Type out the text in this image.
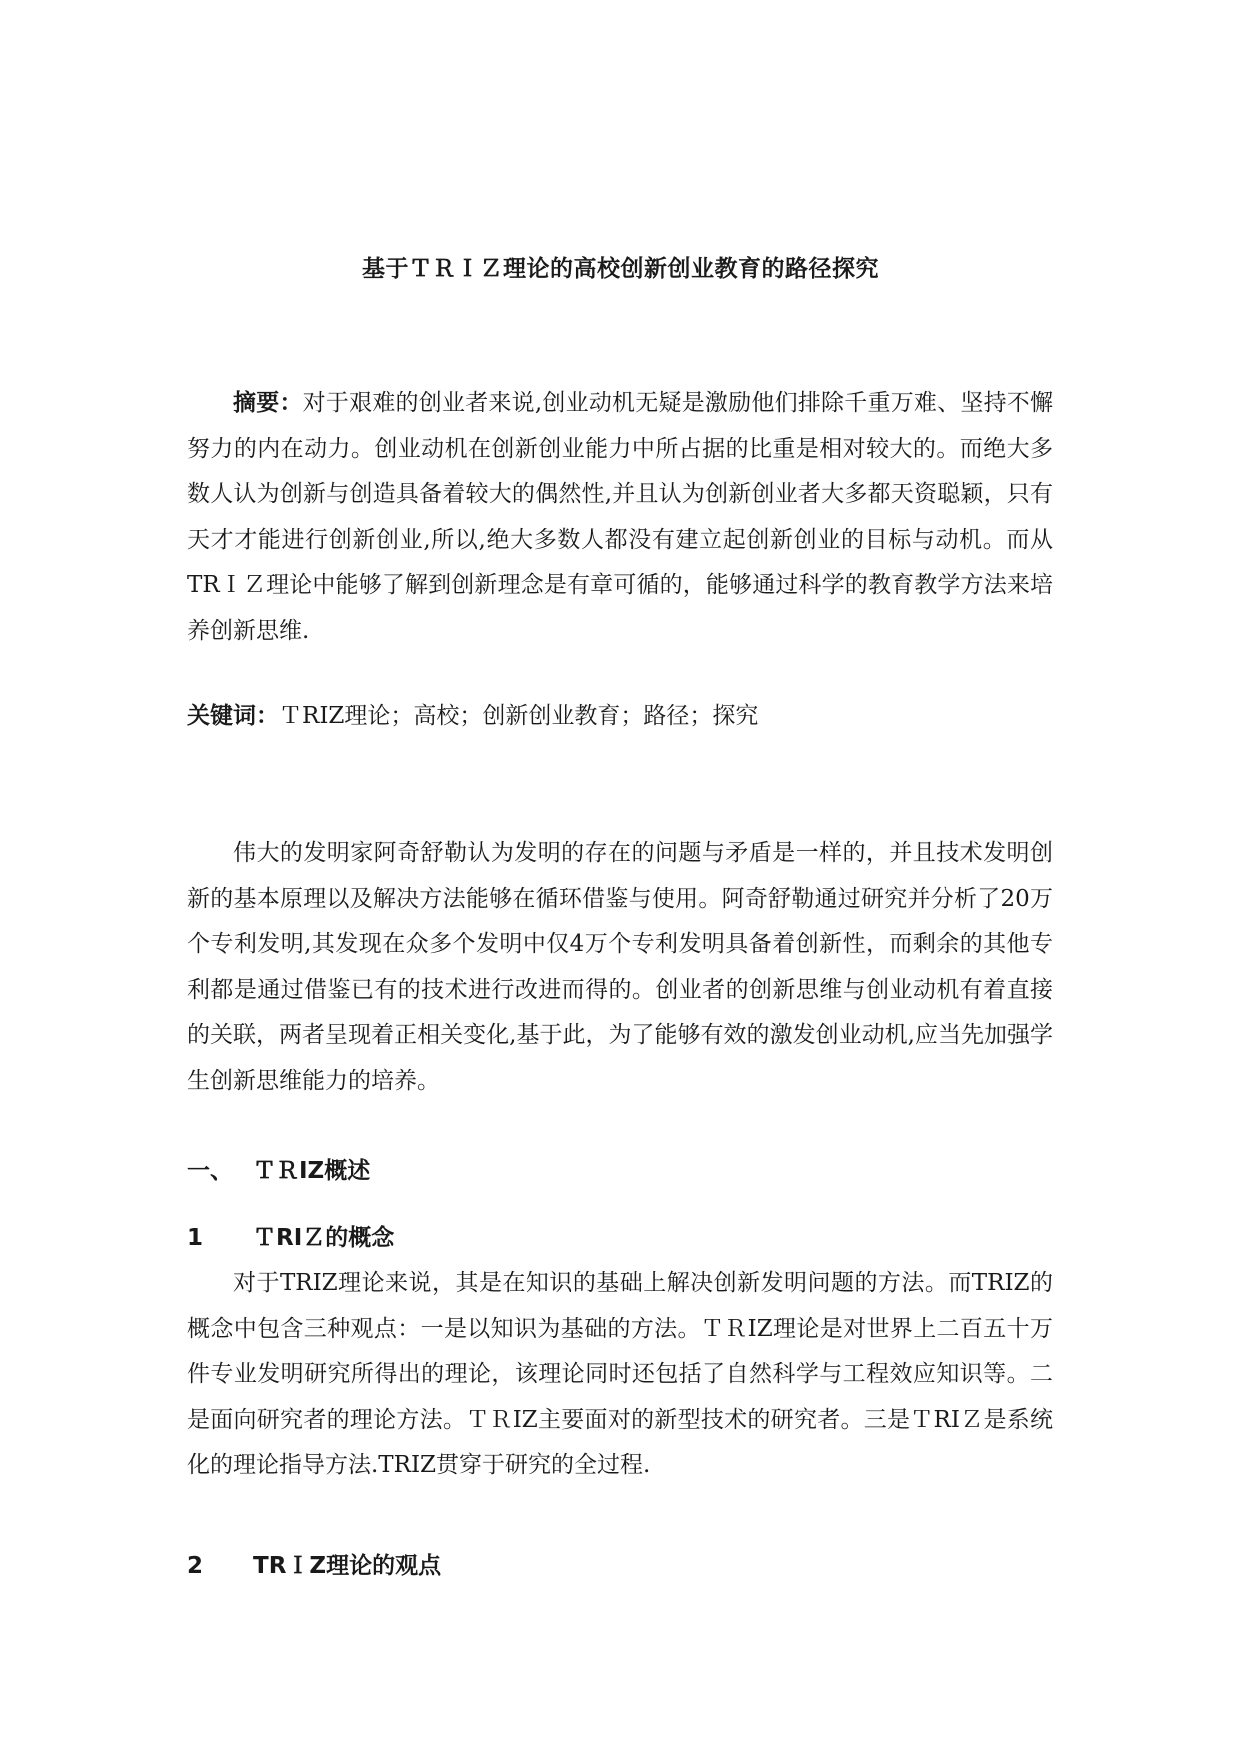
基于ＴＲＩＺ理论的高校创新创业教育的路径探究

摘要：对于艰难的创业者来说,创业动机无疑是激励他们排除千重万难、坚持不懈努力的内在动力。创业动机在创新创业能力中所占据的比重是相对较大的。而绝大多数人认为创新与创造具备着较大的偶然性,并且认为创新创业者大多都天资聪颖，只有天才才能进行创新创业,所以,绝大多数人都没有建立起创新创业的目标与动机。而从TRＩＺ理论中能够了解到创新理念是有章可循的，能够通过科学的教育教学方法来培养创新思维.

关键词：ＴRIZ理论；高校；创新创业教育；路径；探究

伟大的发明家阿奇舒勒认为发明的存在的问题与矛盾是一样的，并且技术发明创新的基本原理以及解决方法能够在循环借鉴与使用。阿奇舒勒通过研究并分析了20万个专利发明,其发现在众多个发明中仅4万个专利发明具备着创新性，而剩余的其他专利都是通过借鉴已有的技术进行改进而得的。创业者的创新思维与创业动机有着直接的关联，两者呈现着正相关变化,基于此，为了能够有效的激发创业动机,应当先加强学生创新思维能力的培养。

一、 ＴＲIZ概述
1 ＴRIＺ的概念

对于TRIZ理论来说，其是在知识的基础上解决创新发明问题的方法。而TRIZ的概念中包含三种观点：一是以知识为基础的方法。ＴＲIZ理论是对世界上二百五十万件专业发明研究所得出的理论，该理论同时还包括了自然科学与工程效应知识等。二是面向研究者的理论方法。ＴＲIZ主要面对的新型技术的研究者。三是ＴRIＺ是系统化的理论指导方法.TRIZ贯穿于研究的全过程.

2 TRＩZ理论的观点
